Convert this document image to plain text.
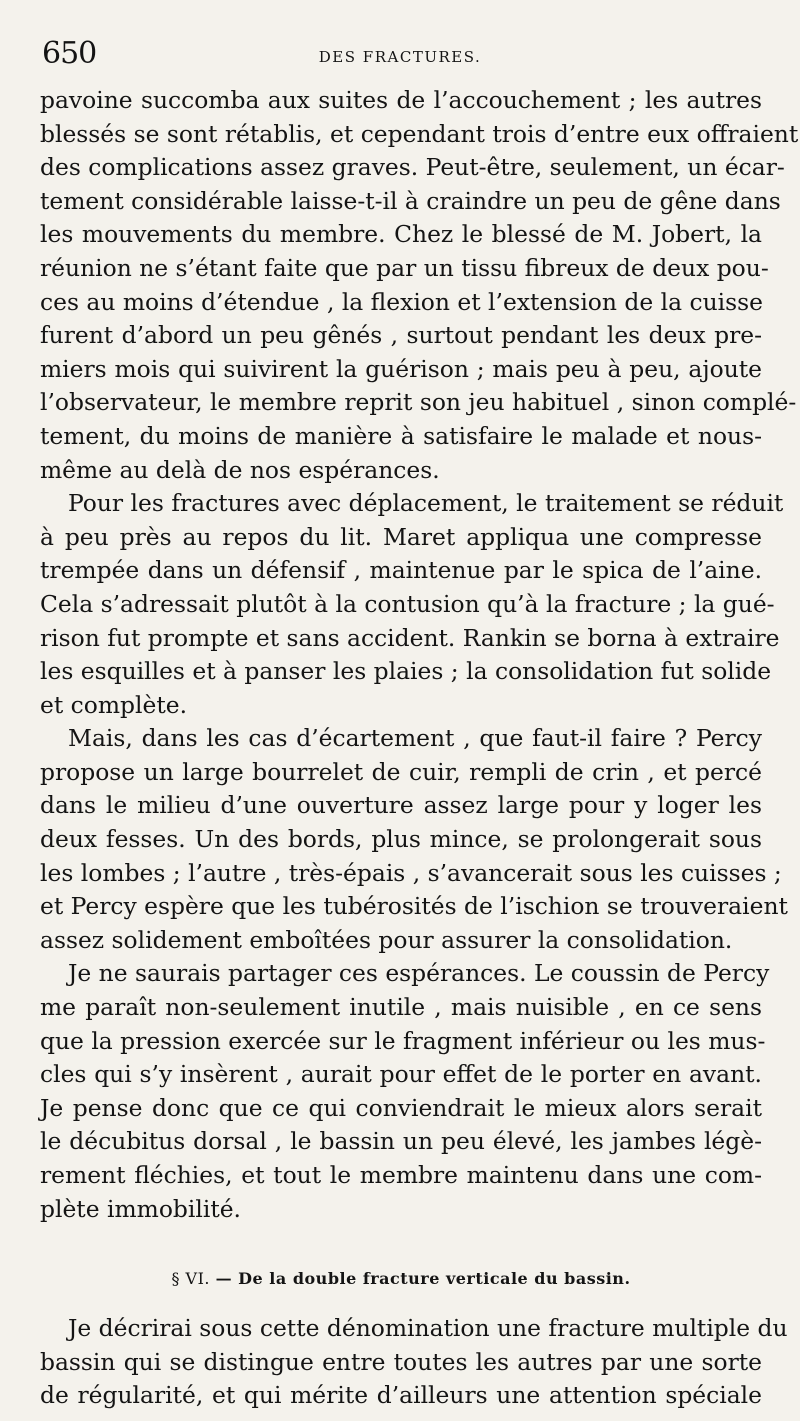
650	DES FRACTURES.
pavoine succomba aux suites de l’accouchement ; les autres
blessés se sont rétablis, et cependant trois d’entre eux offraient
des complications assez graves. Peut-être, seulement, un écar-
tement considérable laisse-t-il à craindre un peu de gêne dans
les mouvements du membre. Chez le blessé de M. Jobert, la
réunion ne s’étant faite que par un tissu fibreux de deux pou-
ces au moins d’étendue , la flexion et l’extension de la cuisse
furent d’abord un peu gênés , surtout pendant les deux pre-
miers mois qui suivirent la guérison ; mais peu à peu, ajoute
l’observateur, le membre reprit son jeu habituel , sinon complé-
tement, du moins de manière à satisfaire le malade et nous-
même au delà de nos espérances.
Pour les fractures avec déplacement, le traitement se réduit
à peu près au repos du lit. Maret appliqua une compresse
trempée dans un défensif , maintenue par le spica de l’aine.
Cela s’adressait plutôt à la contusion qu’à la fracture ; la gué-
rison fut prompte et sans accident. Rankin se borna à extraire
les esquilles et à panser les plaies ; la consolidation fut solide
et complète.
Mais, dans les cas d’écartement , que faut-il faire ? Percy
propose un large bourrelet de cuir, rempli de crin , et percé
dans le milieu d’une ouverture assez large pour y loger les
deux fesses. Un des bords, plus mince, se prolongerait sous
les lombes ; l’autre , très-épais , s’avancerait sous les cuisses ;
et Percy espère que les tubérosités de l’ischion se trouveraient
assez solidement emboîtées pour assurer la consolidation.
Je ne saurais partager ces espérances. Le coussin de Percy
me paraît non-seulement inutile , mais nuisible , en ce sens
que la pression exercée sur le fragment inférieur ou les mus-
cles qui s’y insèrent , aurait pour effet de le porter en avant.
Je pense donc que ce qui conviendrait le mieux alors serait
le décubitus dorsal , le bassin un peu élevé, les jambes légè-
rement fléchies, et tout le membre maintenu dans une com-
plète immobilité.
§ VI. — De la double fracture verticale du bassin.
Je décrirai sous cette dénomination une fracture multiple du
bassin qui se distingue entre toutes les autres par une sorte
de régularité, et qui mérite d’ailleurs une attention spéciale
